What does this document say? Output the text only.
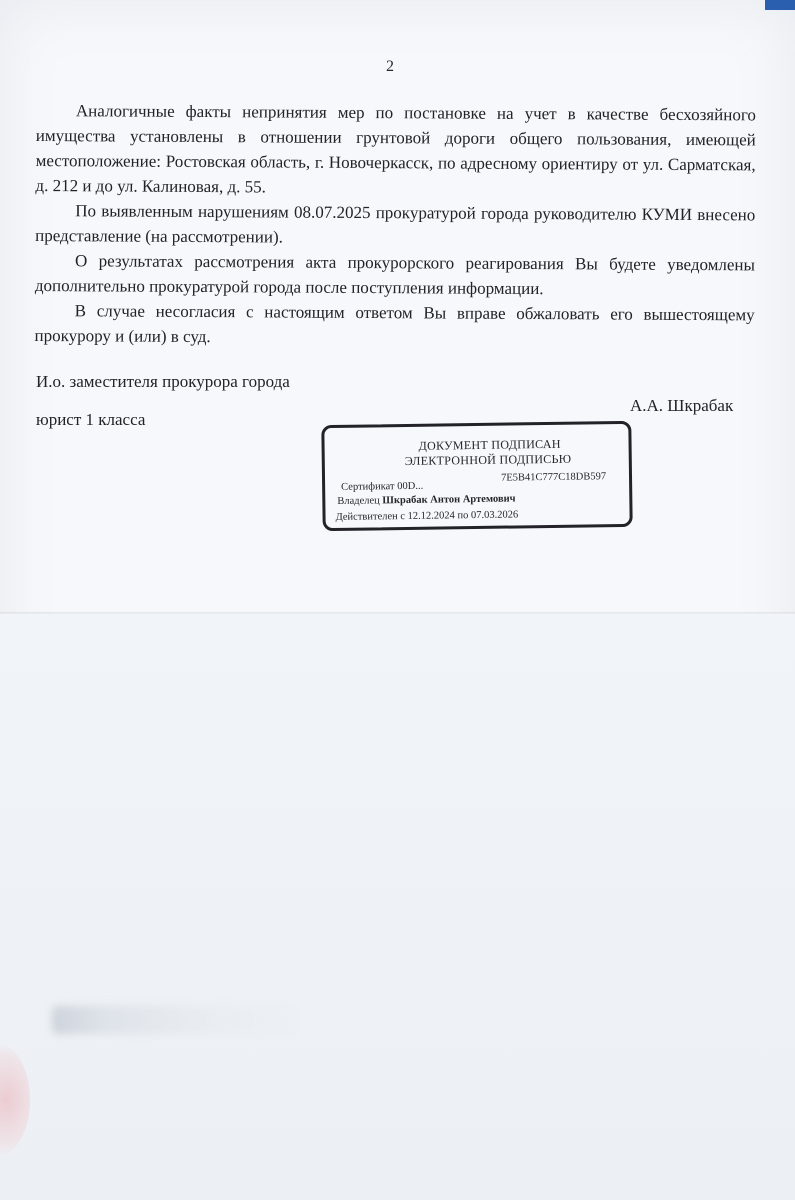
2

Аналогичные факты непринятия мер по постановке на учет в качестве бесхозяйного имущества установлены в отношении грунтовой дороги общего пользования, имеющей местоположение: Ростовская область, г. Новочеркасск, по адресному ориентиру от ул. Сарматская, д. 212 и до ул. Калиновая, д. 55.

По выявленным нарушениям 08.07.2025 прокуратурой города руководителю КУМИ внесено представление (на рассмотрении).

О результатах рассмотрения акта прокурорского реагирования Вы будете уведомлены дополнительно прокуратурой города после поступления информации.

В случае несогласия с настоящим ответом Вы вправе обжаловать его вышестоящему прокурору и (или) в суд.

И.о. заместителя прокурора города
юрист 1 класса
А.А. Шкрабак
ДОКУМЕНТ ПОДПИСАН
ЭЛЕКТРОННОЙ ПОДПИСЬЮ
Сертификат 00D...
7E5B41C777C18DB597
Владелец Шкрабак Антон Артемович
Действителен с 12.12.2024 по 07.03.2026
